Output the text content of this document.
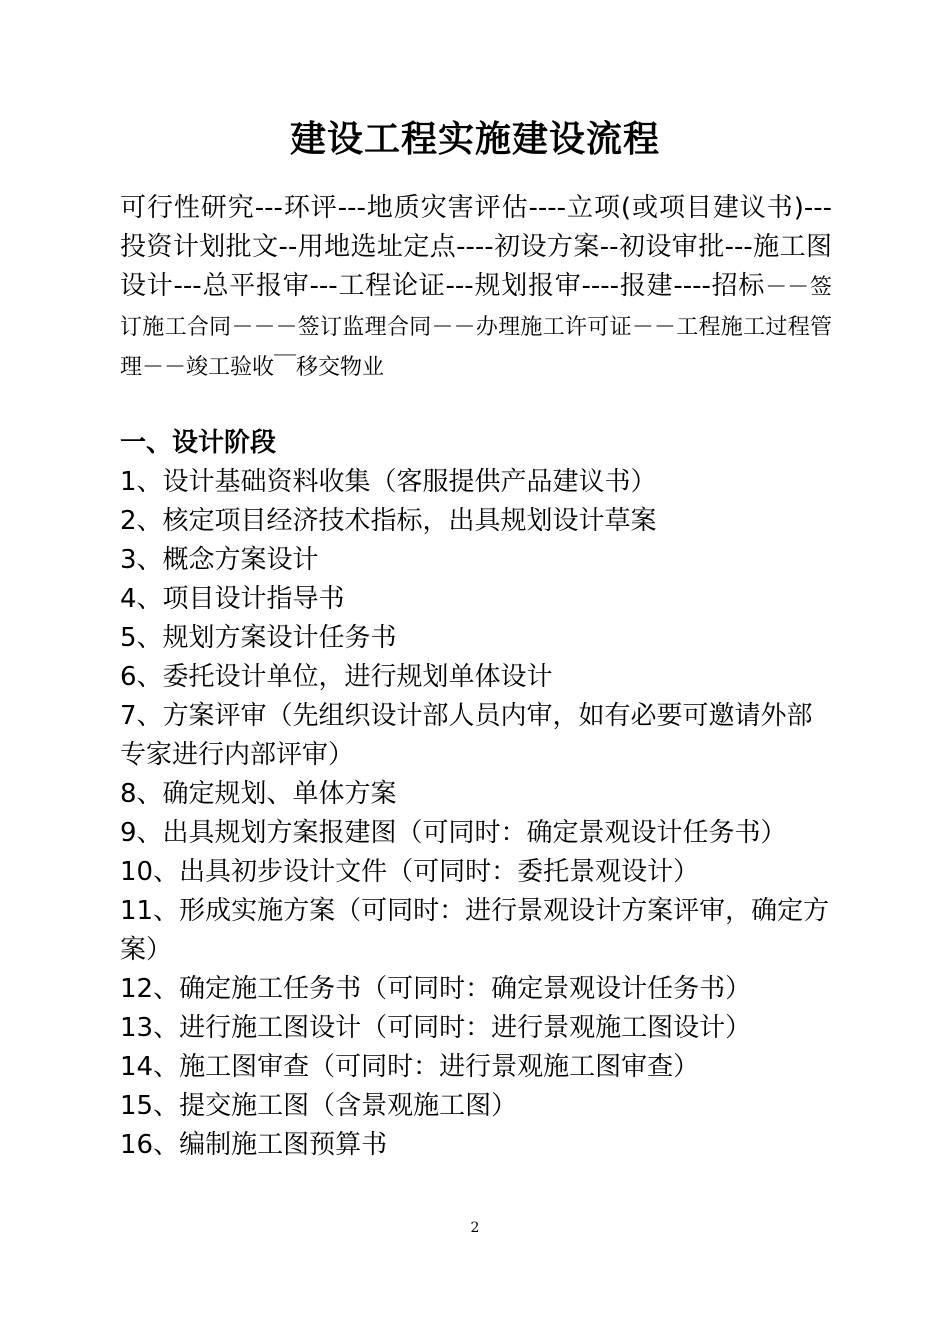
建设工程实施建设流程

可行性研究---环评---地质灾害评估----立项(或项目建议书)---投资计划批文--用地选址定点----初设方案--初设审批---施工图设计---总平报审---工程论证---规划报审----报建----招标－－签订施工合同－－－签订监理合同－－办理施工许可证－－工程施工过程管理－－竣工验收￣移交物业

一、设计阶段
1、设计基础资料收集（客服提供产品建议书）
2、核定项目经济技术指标，出具规划设计草案
3、概念方案设计
4、项目设计指导书
5、规划方案设计任务书
6、委托设计单位，进行规划单体设计
7、方案评审（先组织设计部人员内审，如有必要可邀请外部专家进行内部评审）
8、确定规划、单体方案
9、出具规划方案报建图（可同时：确定景观设计任务书）
10、出具初步设计文件（可同时：委托景观设计）
11、形成实施方案（可同时：进行景观设计方案评审，确定方案）
12、确定施工任务书（可同时：确定景观设计任务书）
13、进行施工图设计（可同时：进行景观施工图设计）
14、施工图审查（可同时：进行景观施工图审查）
15、提交施工图（含景观施工图）
16、编制施工图预算书
2
